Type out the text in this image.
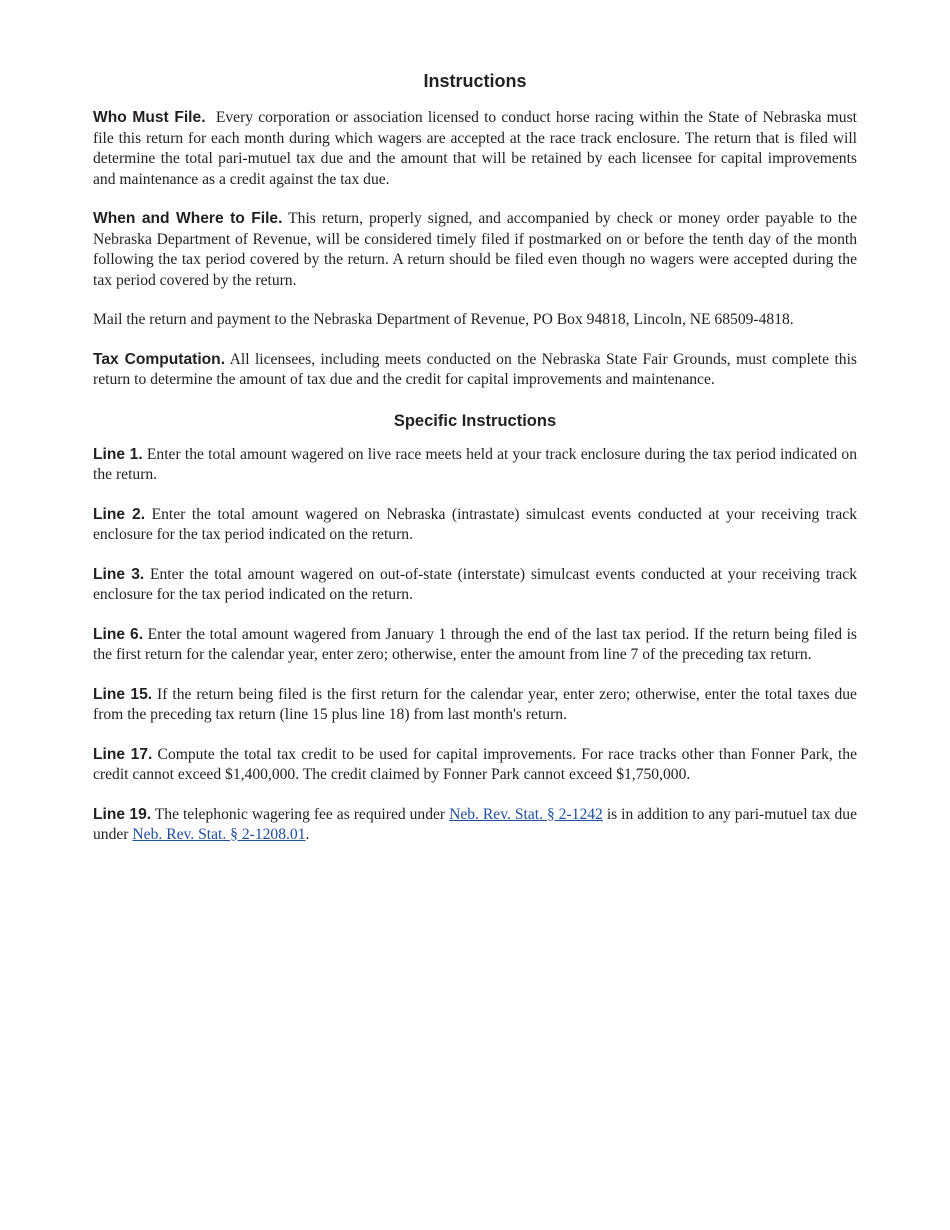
Instructions

Who Must File. Every corporation or association licensed to conduct horse racing within the State of Nebraska must file this return for each month during which wagers are accepted at the race track enclosure. The return that is filed will determine the total pari-mutuel tax due and the amount that will be retained by each licensee for capital improvements and maintenance as a credit against the tax due.

When and Where to File. This return, properly signed, and accompanied by check or money order payable to the Nebraska Department of Revenue, will be considered timely filed if postmarked on or before the tenth day of the month following the tax period covered by the return. A return should be filed even though no wagers were accepted during the tax period covered by the return.

Mail the return and payment to the Nebraska Department of Revenue, PO Box 94818, Lincoln, NE 68509-4818.

Tax Computation. All licensees, including meets conducted on the Nebraska State Fair Grounds, must complete this return to determine the amount of tax due and the credit for capital improvements and maintenance.

Specific Instructions

Line 1. Enter the total amount wagered on live race meets held at your track enclosure during the tax period indicated on the return.

Line 2. Enter the total amount wagered on Nebraska (intrastate) simulcast events conducted at your receiving track enclosure for the tax period indicated on the return.

Line 3. Enter the total amount wagered on out-of-state (interstate) simulcast events conducted at your receiving track enclosure for the tax period indicated on the return.

Line 6. Enter the total amount wagered from January 1 through the end of the last tax period. If the return being filed is the first return for the calendar year, enter zero; otherwise, enter the amount from line 7 of the preceding tax return.

Line 15. If the return being filed is the first return for the calendar year, enter zero; otherwise, enter the total taxes due from the preceding tax return (line 15 plus line 18) from last month's return.

Line 17. Compute the total tax credit to be used for capital improvements. For race tracks other than Fonner Park, the credit cannot exceed $1,400,000. The credit claimed by Fonner Park cannot exceed $1,750,000.

Line 19. The telephonic wagering fee as required under Neb. Rev. Stat. § 2-1242 is in addition to any pari-mutuel tax due under Neb. Rev. Stat. § 2-1208.01.
